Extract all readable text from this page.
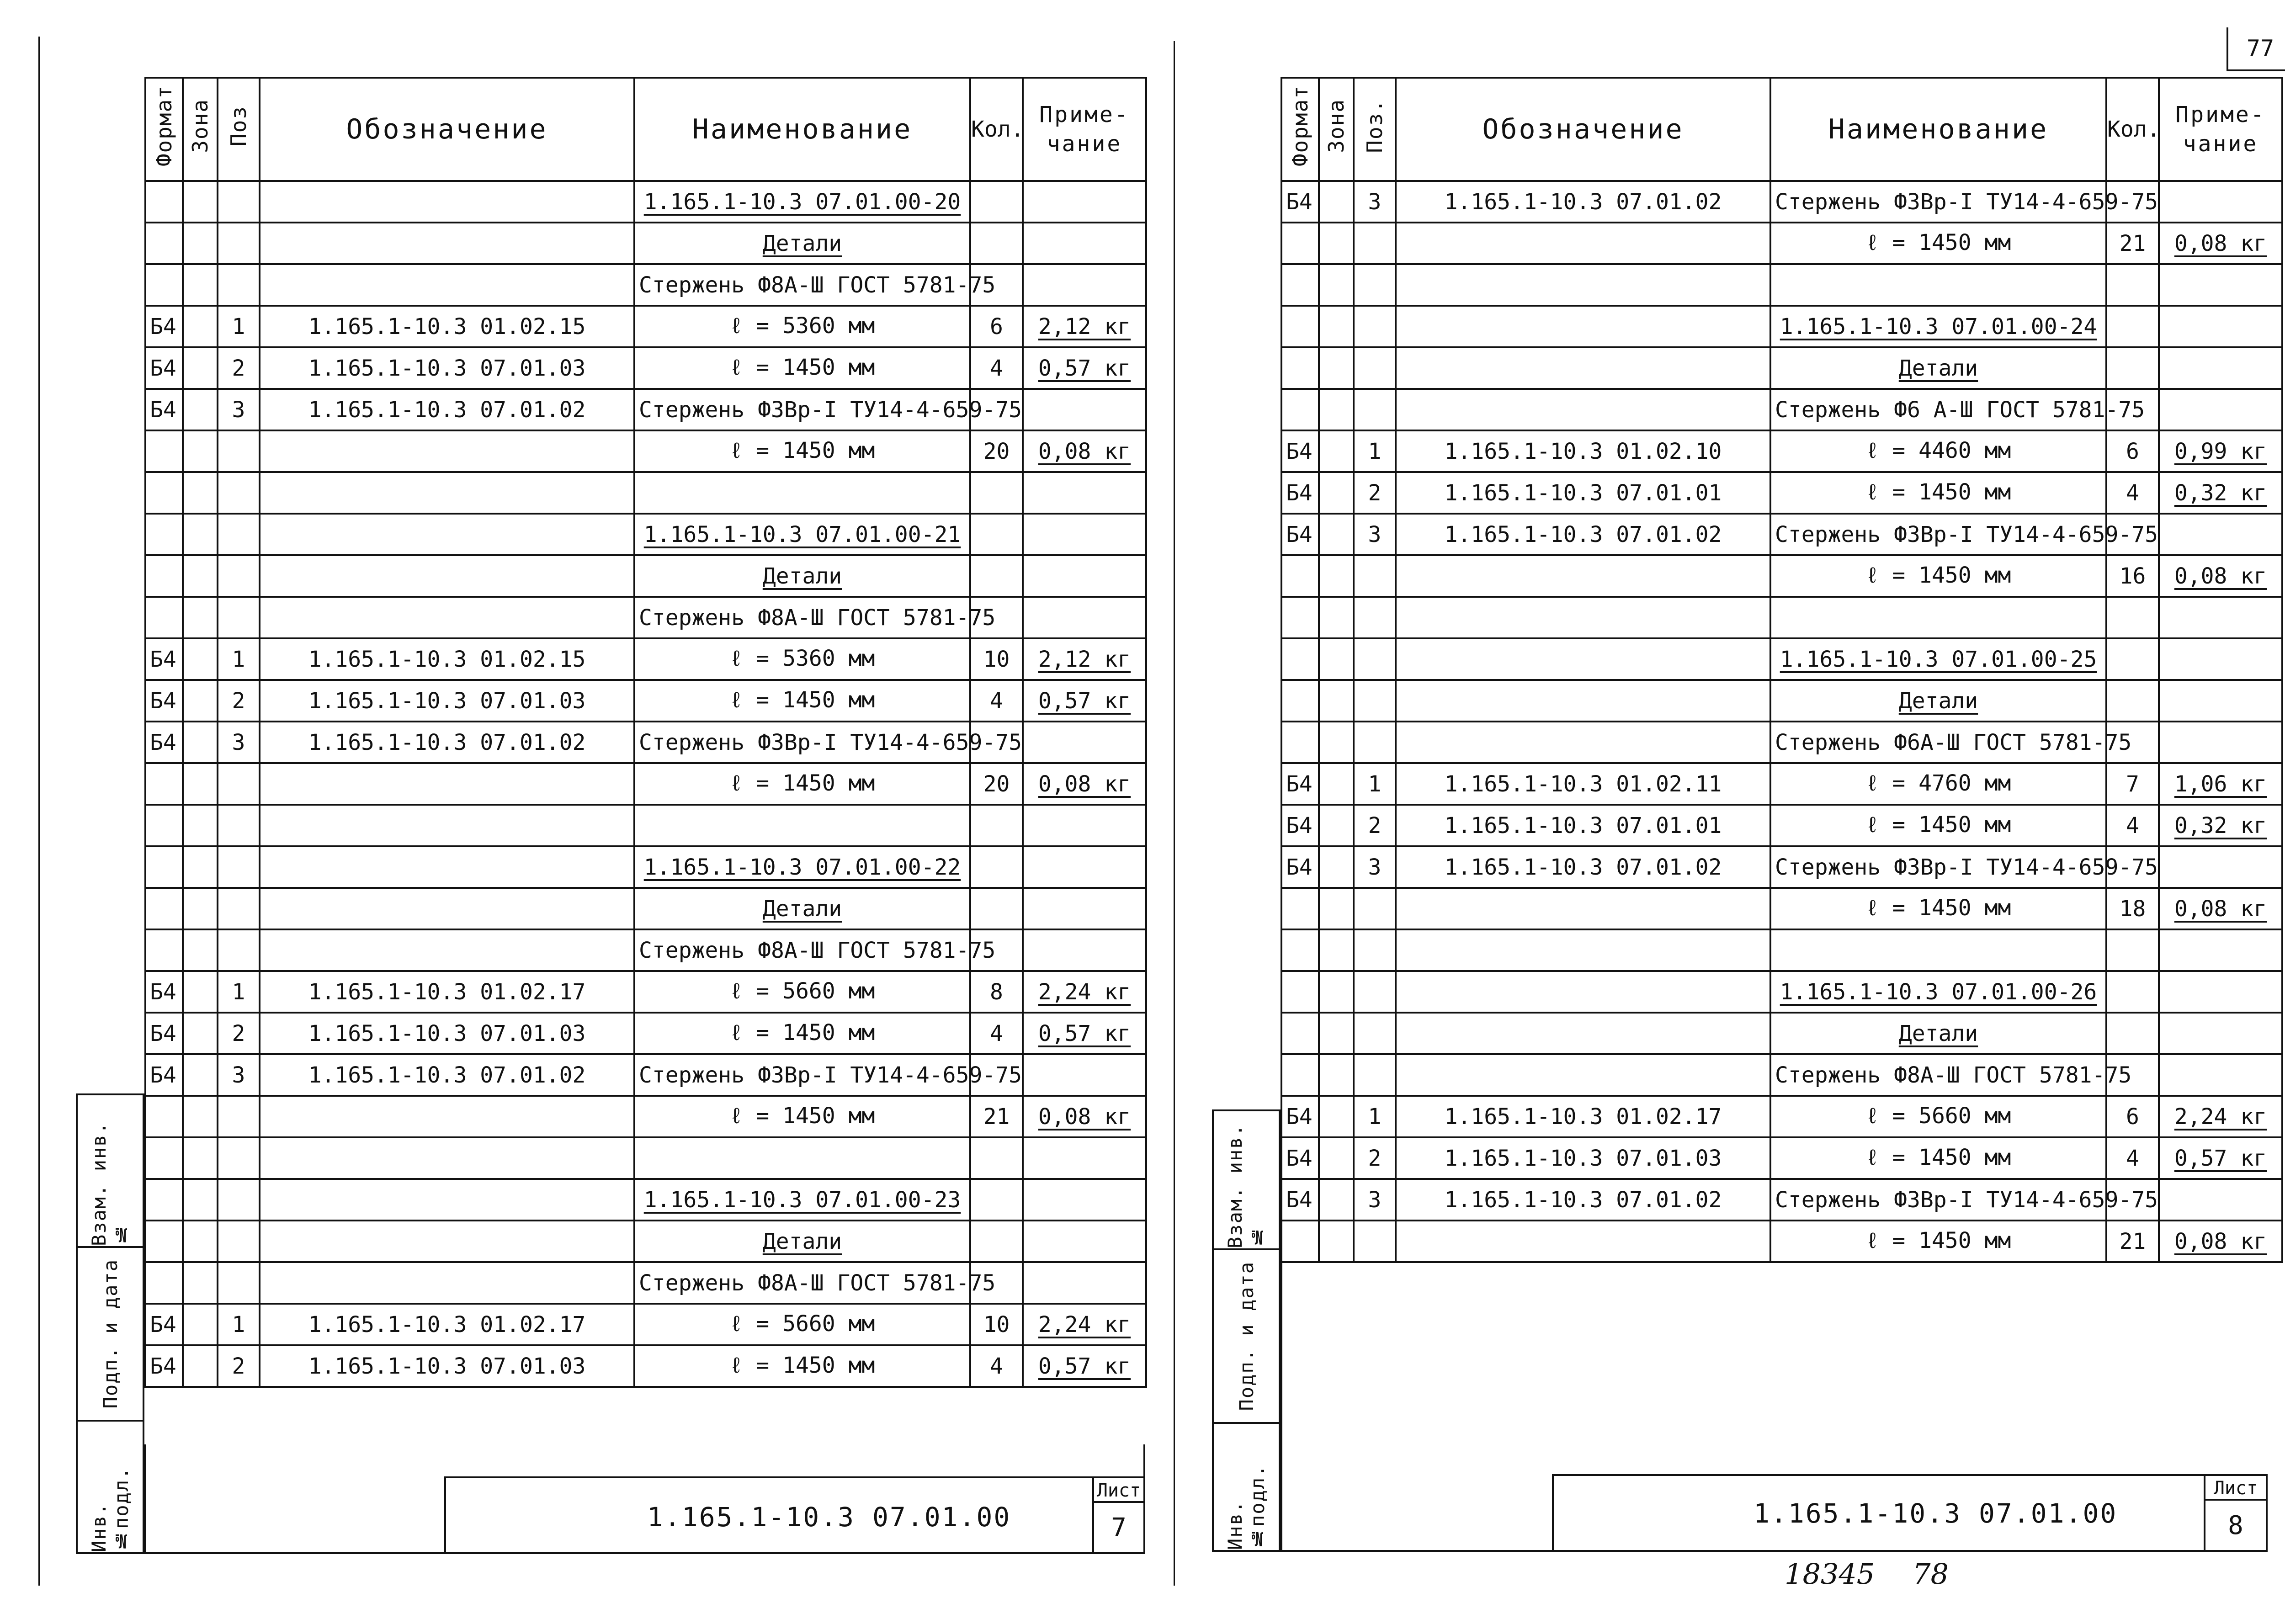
77
Формат	Зона	Поз	Обозначение	Наименование	Кол.	Приме-чание
				1.165.1-10.3 07.01.00-20		
				Детали		
				Стержень Ф8А-Ш ГОСТ 5781-75		
Б4		1	1.165.1-10.3 01.02.15	ℓ = 5360 мм	6	2,12 кг
Б4		2	1.165.1-10.3 07.01.03	ℓ = 1450 мм	4	0,57 кг
Б4		3	1.165.1-10.3 07.01.02	Стержень Ф3Вр-I ТУ14-4-659-75		
				ℓ = 1450 мм	20	0,08 кг

				1.165.1-10.3 07.01.00-21		
				Детали		
				Стержень Ф8А-Ш ГОСТ 5781-75		
Б4		1	1.165.1-10.3 01.02.15	ℓ = 5360 мм	10	2,12 кг
Б4		2	1.165.1-10.3 07.01.03	ℓ = 1450 мм	4	0,57 кг
Б4		3	1.165.1-10.3 07.01.02	Стержень Ф3Вр-I ТУ14-4-659-75		
				ℓ = 1450 мм	20	0,08 кг

				1.165.1-10.3 07.01.00-22		
				Детали		
				Стержень Ф8А-Ш ГОСТ 5781-75		
Б4		1	1.165.1-10.3 01.02.17	ℓ = 5660 мм	8	2,24 кг
Б4		2	1.165.1-10.3 07.01.03	ℓ = 1450 мм	4	0,57 кг
Б4		3	1.165.1-10.3 07.01.02	Стержень Ф3Вр-I ТУ14-4-659-75		
				ℓ = 1450 мм	21	0,08 кг

				1.165.1-10.3 07.01.00-23		
				Детали		
				Стержень Ф8А-Ш ГОСТ 5781-75		
Б4		1	1.165.1-10.3 01.02.17	ℓ = 5660 мм	10	2,24 кг
Б4		2	1.165.1-10.3 07.01.03	ℓ = 1450 мм	4	0,57 кг
1.165.1-10.3 07.01.00
Лист
7
Взам. инв. №
Подп. и дата
Инв. №подл.
Формат	Зона	Поз.	Обозначение	Наименование	Кол.	Приме-чание
Б4		3	1.165.1-10.3 07.01.02	Стержень Ф3Вр-I ТУ14-4-659-75		
				ℓ = 1450 мм	21	0,08 кг

				1.165.1-10.3 07.01.00-24		
				Детали		
				Стержень Ф6 А-Ш ГОСТ 5781-75		
Б4		1	1.165.1-10.3 01.02.10	ℓ = 4460 мм	6	0,99 кг
Б4		2	1.165.1-10.3 07.01.01	ℓ = 1450 мм	4	0,32 кг
Б4		3	1.165.1-10.3 07.01.02	Стержень Ф3Вр-I ТУ14-4-659-75		
				ℓ = 1450 мм	16	0,08 кг

				1.165.1-10.3 07.01.00-25		
				Детали		
				Стержень Ф6А-Ш ГОСТ 5781-75		
Б4		1	1.165.1-10.3 01.02.11	ℓ = 4760 мм	7	1,06 кг
Б4		2	1.165.1-10.3 07.01.01	ℓ = 1450 мм	4	0,32 кг
Б4		3	1.165.1-10.3 07.01.02	Стержень Ф3Вр-I ТУ14-4-659-75		
				ℓ = 1450 мм	18	0,08 кг

				1.165.1-10.3 07.01.00-26		
				Детали		
				Стержень Ф8А-Ш ГОСТ 5781-75		
Б4		1	1.165.1-10.3 01.02.17	ℓ = 5660 мм	6	2,24 кг
Б4		2	1.165.1-10.3 07.01.03	ℓ = 1450 мм	4	0,57 кг
Б4		3	1.165.1-10.3 07.01.02	Стержень Ф3Вр-I ТУ14-4-659-75		
				ℓ = 1450 мм	21	0,08 кг
1.165.1-10.3 07.01.00
Лист
8
Взам. инв. №
Подп. и дата
Инв. №подл.
18345 78
